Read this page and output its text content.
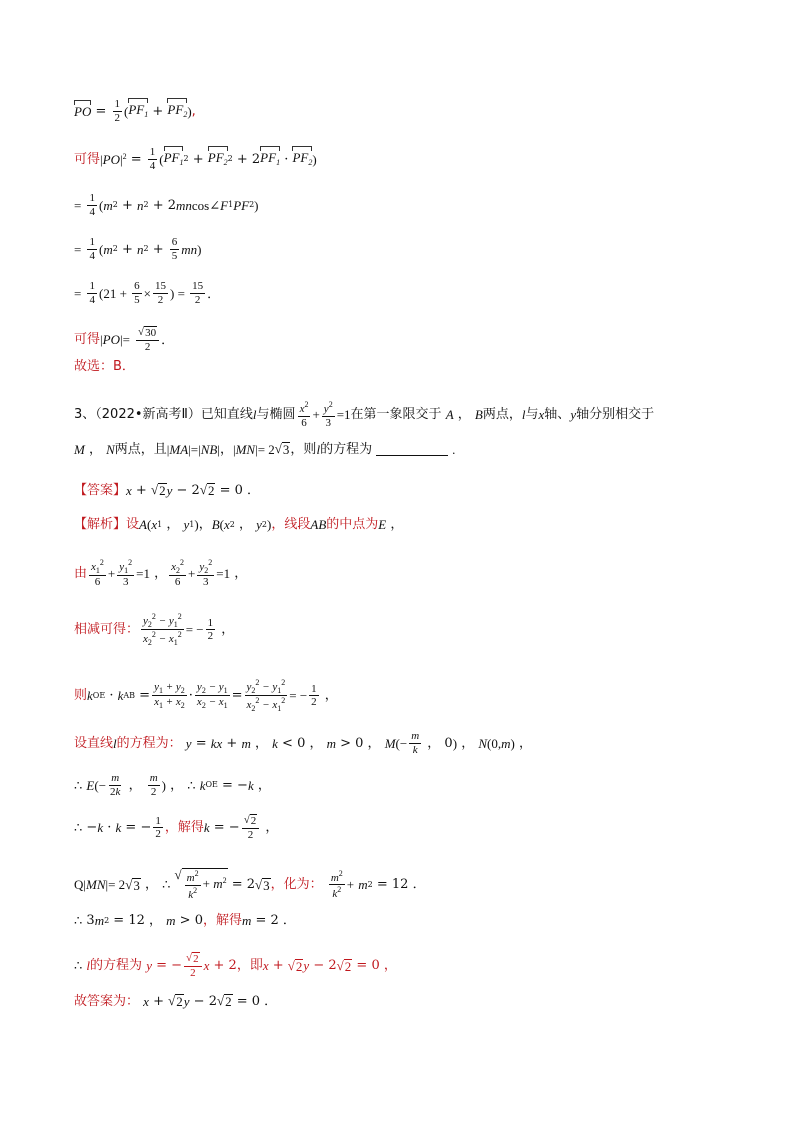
PO = $\frac{1}{2}$ ( $PF_1 + PF_2$ ) ,
可得 | PO $|^2 = \frac{1}{4}$ ( $PF_1$ $2 + PF_2$ 2 + 2 $PF_1 \cdot PF_2$ )
=
$\frac{1}{4}$ ( m 2 + n 2 + 2 mn cos∠ F 1 PF 2 )
=
$\frac{1}{4}$ ( m 2 + n $2 + \frac{6}{5}$ mn )
=
$\frac{1}{4} (21 + \frac{6}{5} \times \frac{15}{2}$ ) = $\frac{15}{2}$ ．
可得 | PO |=
$\frac{√ 30}{2}$ ．
故选：B．
3、（2022•新高考Ⅱ）已知直线 l 与椭圆 $\frac{x^2}{6} + \frac{y^2}{3} =1$ 在第一象限交于
A ， B 两点， l 与 x 轴、 y 轴分别相交于
M ， N 两点，且 | MA |=| NB | ， | MN |= 2 √ 3 ，则 l 的方程为	.
【答案】 x + √ 2 y − 2 √ 2 = 0 ．
【解析】 设 A ( x 1 ， y 1 ) ， B ( x 2 ， y 2 ) ，线段 AB 的中点为 E ，
由 $\frac{x_1^2}{6} + \frac{y_1^2}{3} =1$ ， $\frac{x_2^2}{6} + \frac{y_2^2}{3} =1$ ，
相减可得： $\frac{y_2^2 - y_1^2}{x_2^2 - x_1^2}$ = − $\frac{1}{2}$ ，
则 k OE · k AB = $\frac{y_1 + y_2}{x_1 + x_2} \cdot \frac{y_2 - y_1}{x_2 - x_1} = \frac{y_2^2 - y_1^2}{x_2^2 - x_1^2}$ = − $\frac{1}{2}$ ，
设直线 l 的方程为：
y = kx + m ， k < 0 ， m > 0 ， M (− $\frac{m}{k}$ ， 0 ) ， N (0, m ) ，
∴
E (− $\frac{m}{2k}$ ， $\frac{m}{2}$ ) ， ∴
k OE = − k ，
∴ − k · k = − $\frac{1}{2}$ ，解得 k = − $\frac{√ 2}{2}$ ，
Q| MN |= 2 √ 3 ， ∴

√ $\frac{m^2}{k^2} + m^2 = 2$ √ 3 ，化为：
$\frac{m^2}{k^2}$ +
m 2 = 12 ．
∴ 3 m 2 = 12 ， m > 0 ，解得 m = 2 ．
∴
l 的方程为
y = − $\frac{√ 2}{2}$ x + 2 ，即 x + √ 2 y − 2 √ 2 = 0 ，
故答案为：
x + √ 2 y − 2 √ 2 = 0 ．
